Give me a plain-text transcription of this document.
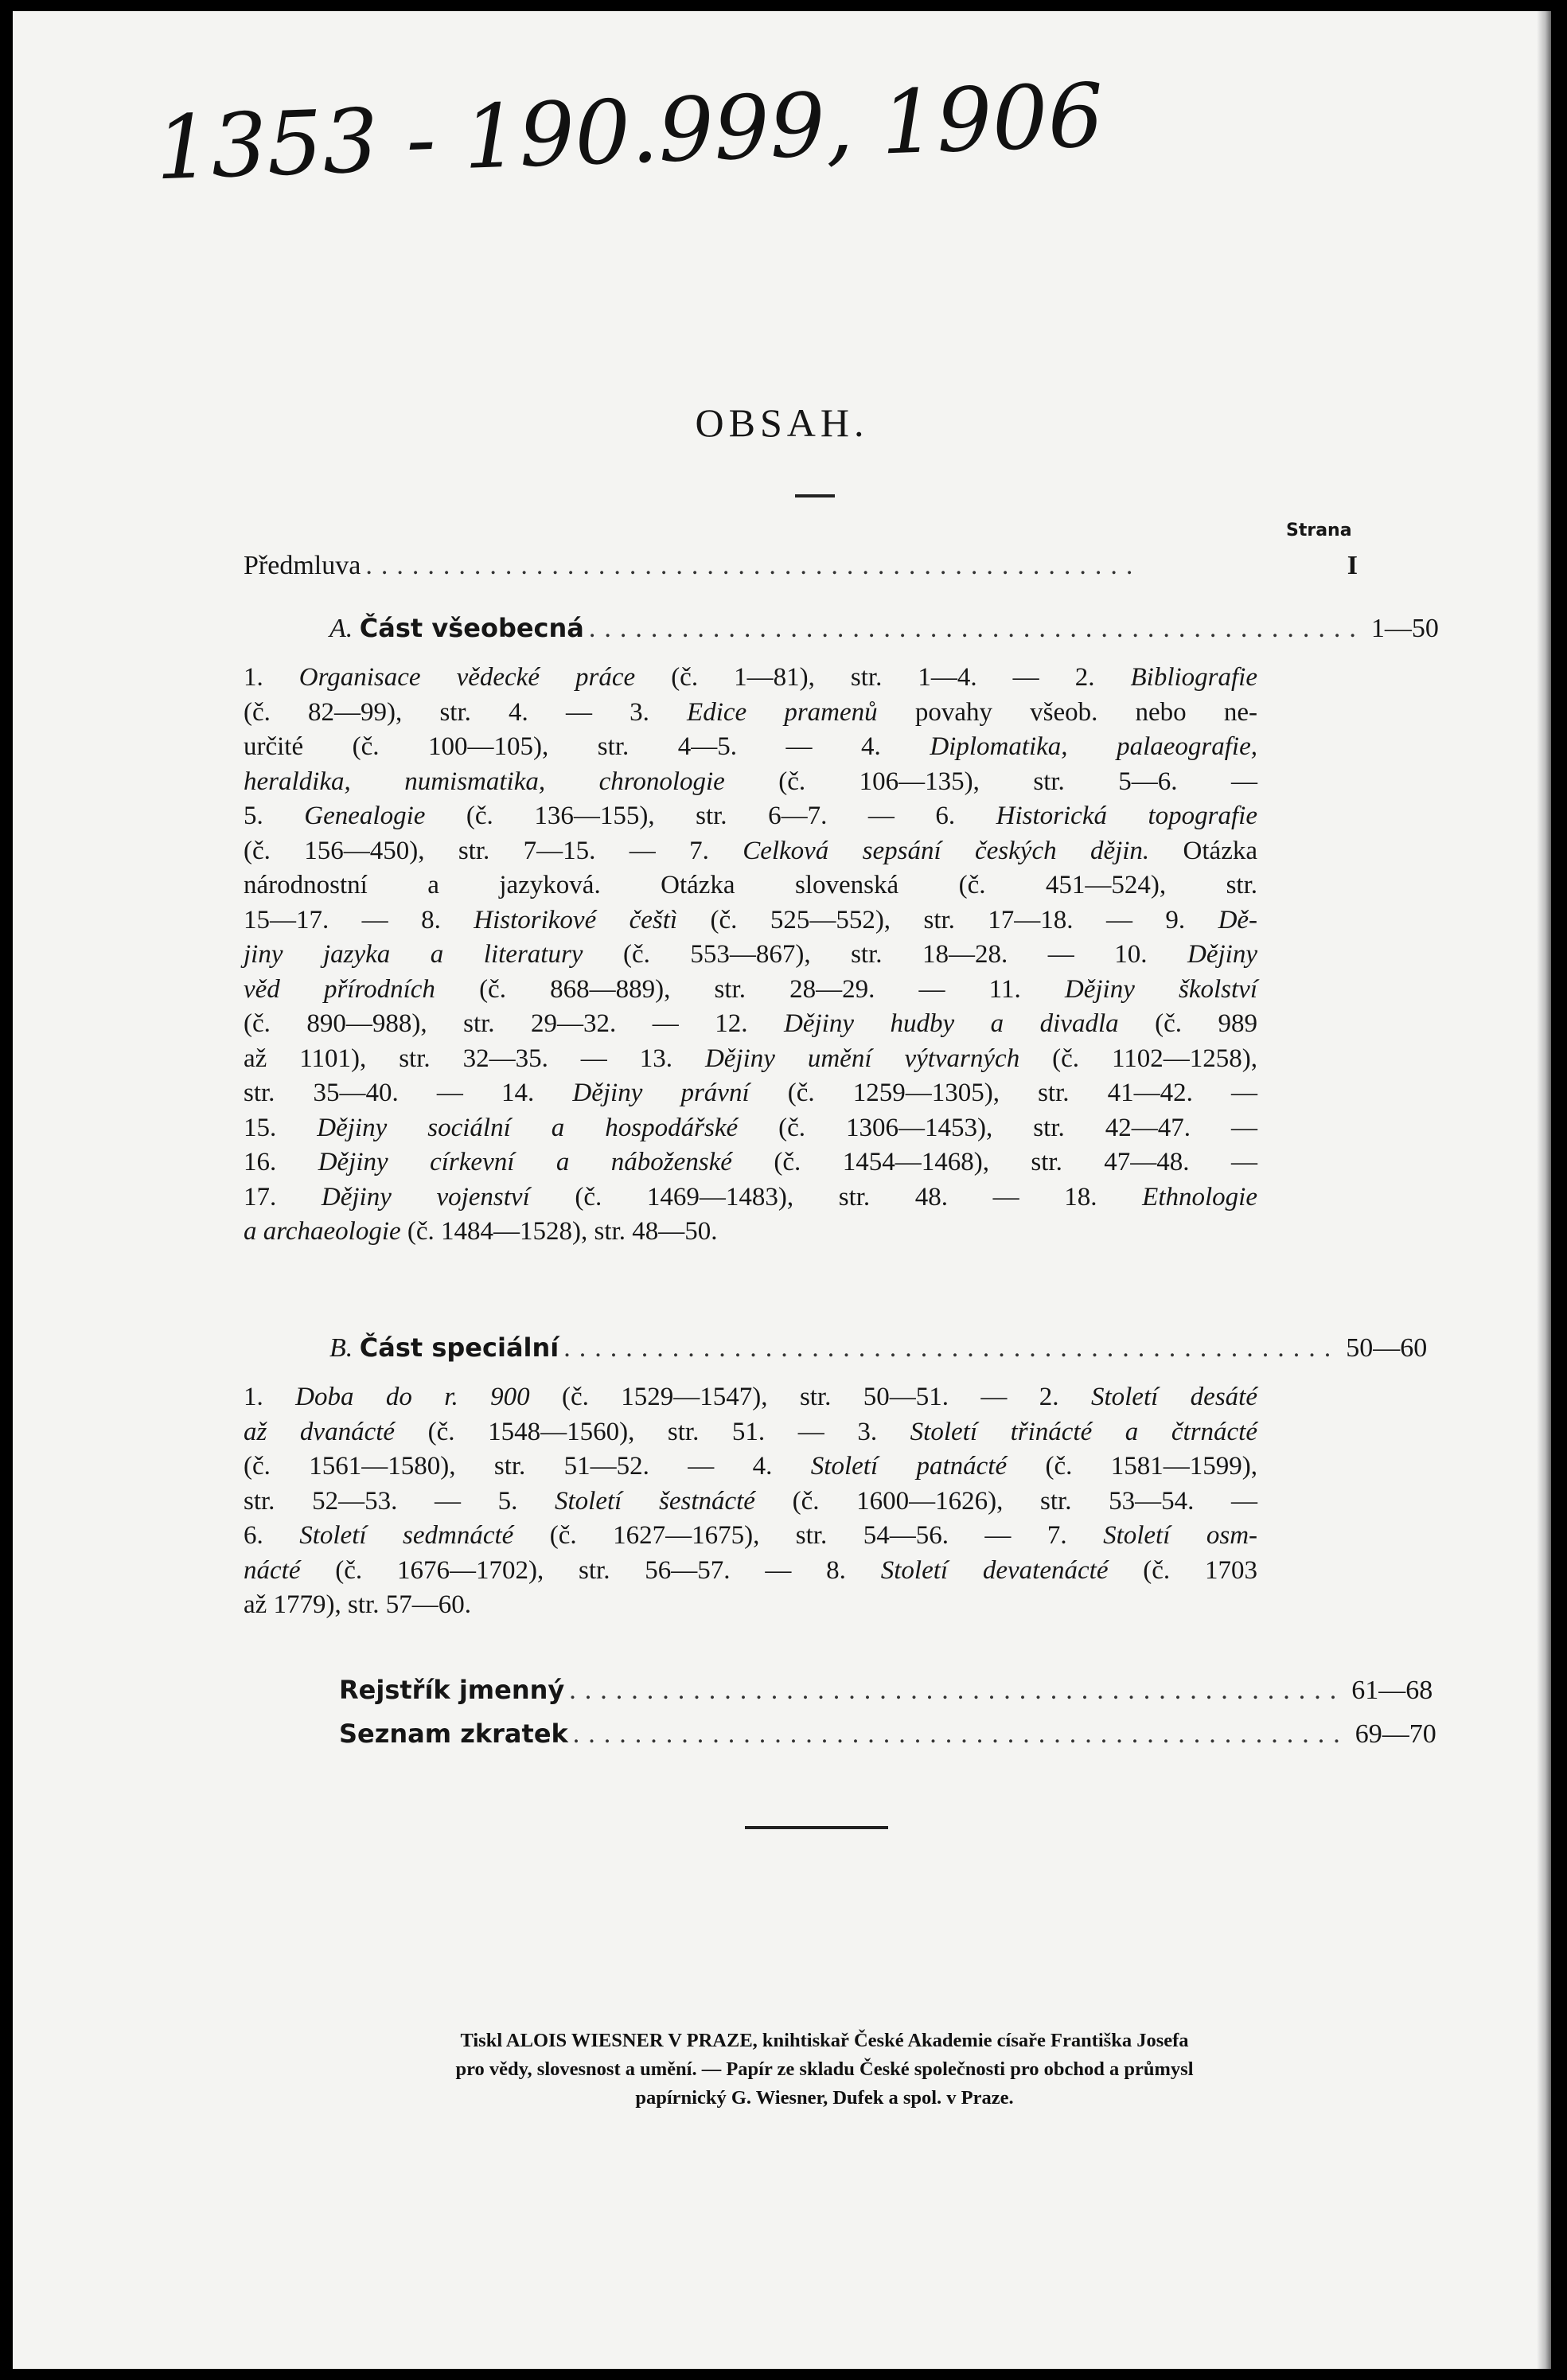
1353 - 190.999, 1906
OBSAH.
Strana
Předmluva ..................................................	I
A. Část všeobecná .................................................. 1—50
1. Organisace vědecké práce (č. 1—81), str. 1—4. — 2. Bibliografie
(č. 82—99), str. 4. — 3. Edice pramenů povahy všeob. nebo ne-
určité (č. 100—105), str. 4—5. — 4. Diplomatika, palaeografie,
heraldika, numismatika, chronologie (č. 106—135), str. 5—6. —
5. Genealogie (č. 136—155), str. 6—7. — 6. Historická topografie
(č. 156—450), str. 7—15. — 7. Celková sepsání českých dějin. Otázka
národnostní a jazyková. Otázka slovenská (č. 451—524), str.
15—17. — 8. Historikové češtì (č. 525—552), str. 17—18. — 9. Dě-
jiny jazyka a literatury (č. 553—867), str. 18—28. — 10. Dějiny
věd přírodních (č. 868—889), str. 28—29. — 11. Dějiny školství
(č. 890—988), str. 29—32. — 12. Dějiny hudby a divadla (č. 989
až 1101), str. 32—35. — 13. Dějiny umění výtvarných (č. 1102—1258),
str. 35—40. — 14. Dějiny právní (č. 1259—1305), str. 41—42. —
15. Dějiny sociální a hospodářské (č. 1306—1453), str. 42—47. —
16. Dějiny církevní a náboženské (č. 1454—1468), str. 47—48. —
17. Dějiny vojenství (č. 1469—1483), str. 48. — 18. Ethnologie
a archaeologie (č. 1484—1528), str. 48—50.
B. Část speciální .................................................. 50—60
1. Doba do r. 900 (č. 1529—1547), str. 50—51. — 2. Století desáté
až dvanácté (č. 1548—1560), str. 51. — 3. Století třinácté a čtrnácté
(č. 1561—1580), str. 51—52. — 4. Století patnácté (č. 1581—1599),
str. 52—53. — 5. Století šestnácté (č. 1600—1626), str. 53—54. —
6. Století sedmnácté (č. 1627—1675), str. 54—56. — 7. Století osm-
nácté (č. 1676—1702), str. 56—57. — 8. Století devatenácté (č. 1703
až 1779), str. 57—60.
Rejstřík jmenný .................................................. 61—68
Seznam zkratek .................................................. 69—70
Tiskl ALOIS WIESNER V PRAZE, knihtiskař České Akademie císaře Františka Josefa
pro vědy, slovesnost a umění. — Papír ze skladu České společnosti pro obchod a průmysl
papírnický G. Wiesner, Dufek a spol. v Praze.
